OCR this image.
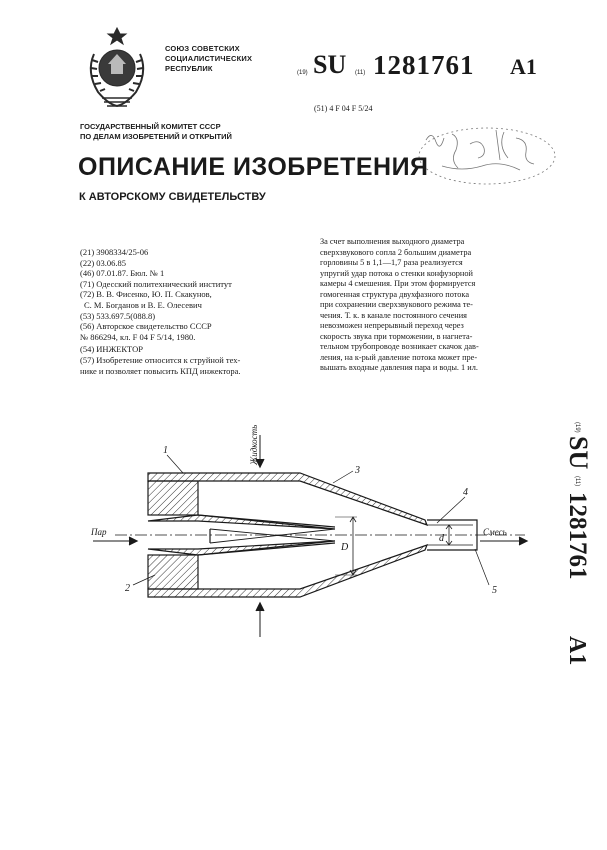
СОЮЗ СОВЕТСКИХ
СОЦИАЛИСТИЧЕСКИХ
РЕСПУБЛИК	(19) SU (11) 1281761 A1
(51) 4 F 04 F 5/24
ГОСУДАРСТВЕННЫЙ КОМИТЕТ СССР
ПО ДЕЛАМ ИЗОБРЕТЕНИЙ И ОТКРЫТИЙ
ОПИСАНИЕ ИЗОБРЕТЕНИЯ
К АВТОРСКОМУ СВИДЕТЕЛЬСТВУ
(21) 3908334/25-06
(22) 03.06.85
(46) 07.01.87. Бюл. № 1
(71) Одесский политехнический институт
(72) В. В. Фисенко, Ю. П. Скакунов,
С. М. Богданов и В. Е. Олесевич
(53) 533.697.5(088.8)
(56) Авторское свидетельство СССР
№ 866294, кл. F 04 F 5/14, 1980.
(54) ИНЖЕКТОР
(57) Изобретение относится к струйной тех-
нике и позволяет повысить КПД инжектора.
За счет выполнения выходного диаметра
сверхзвукового сопла 2 большим диаметра
горловины 5 в 1,1—1,7 раза реализуется
упругий удар потока о стенки конфузорной
камеры 4 смешения. При этом формируется
гомогенная структура двухфазного потока
при сохранении сверхзвукового режима те-
чения. Т. к. в канале постоянного сечения
невозможен непрерывный переход через
скорость звука при торможении, в нагнета-
тельном трубопроводе возникает скачок дав-
ления, на к-рый давление потока может пре-
вышать входные давления пара и воды. 1 ил.
(19)
SU
(11)
1281761
A1
1
2
3
4
5
D
d
Пар	Смесь
Жидкость
